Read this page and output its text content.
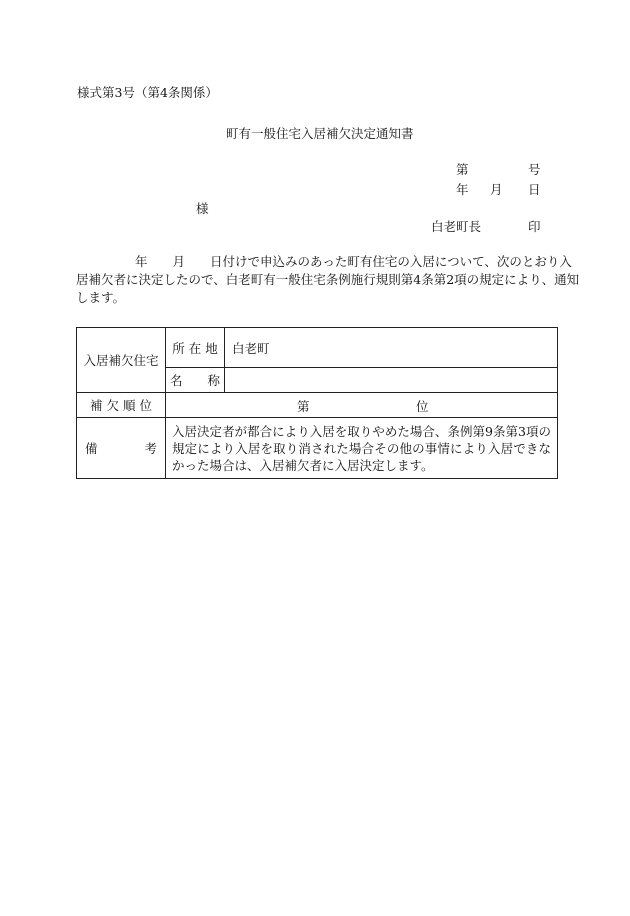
様式第3号（第4条関係）
町有一般住宅入居補欠決定通知書
第	号
年 月 日
様
白老町長	印
年　　月　　日付けで申込みのあった町有住宅の入居について、次のとおり入
居補欠者に決定したので、白老町有一般住宅条例施行規則第4条第2項の規定により、通知
します。
入居補欠住宅	所 在 地	白老町
	名　　称	
補 欠 順 位	第 位	

備 考	入居決定者が都合により入居を取りやめた場合、条例第9条第3項の規定により入居を取り消された場合その他の事情により入居できなかった場合は、入居補欠者に入居決定します。	
